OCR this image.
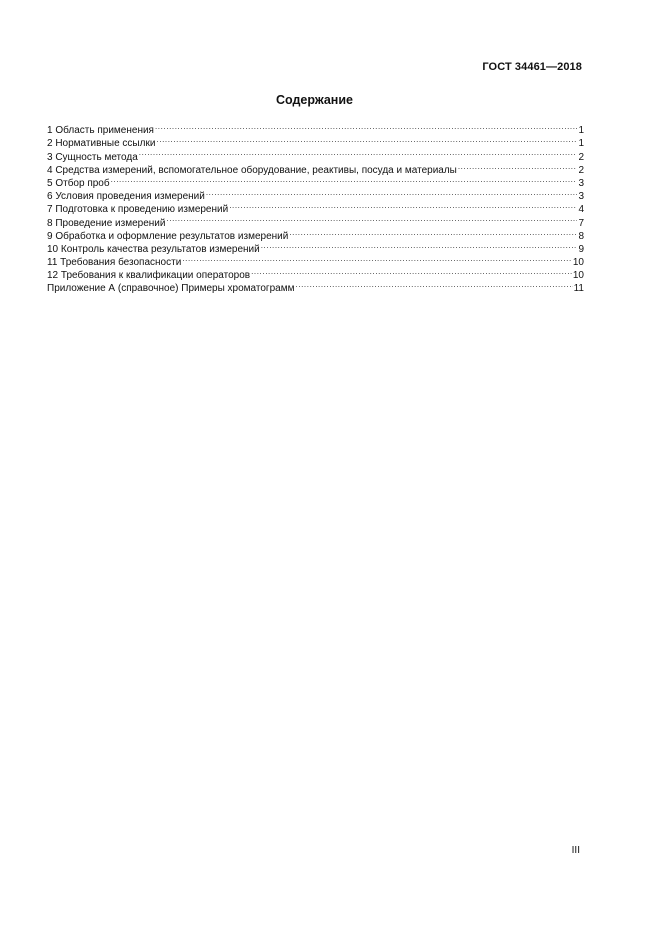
ГОСТ 34461—2018
Содержание
1 Область применения .....	1
2 Нормативные ссылки .....	1
3 Сущность метода .....	2
4 Средства измерений, вспомогательное оборудование, реактивы, посуда и материалы .....	2
5 Отбор проб .....	3
6 Условия проведения измерений .....	3
7 Подготовка к проведению измерений .....	4
8 Проведение измерений .....	7
9 Обработка и оформление результатов измерений .....	8
10 Контроль качества результатов измерений .....	9
11 Требования безопасности .....	10
12 Требования к квалификации операторов .....	10
Приложение А (справочное) Примеры хроматограмм .....	11
III
